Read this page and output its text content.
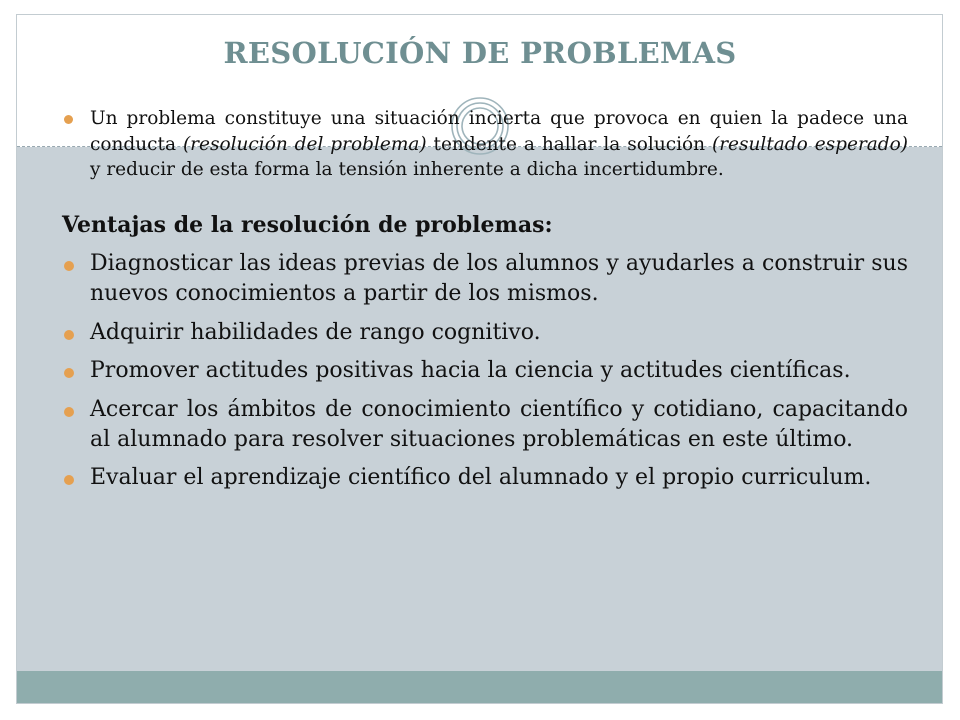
RESOLUCIÓN DE PROBLEMAS
Un problema constituye una situación incierta que provoca en quien la padece una conducta (resolución del problema) tendente a hallar la solución (resultado esperado) y reducir de esta forma la tensión inherente a dicha incertidumbre.
Ventajas de la resolución de problemas:
Diagnosticar las ideas previas de los alumnos y ayudarles a construir sus nuevos conocimientos a partir de los mismos.
Adquirir habilidades de rango cognitivo.
Promover actitudes positivas hacia la ciencia y actitudes científicas.
Acercar los ámbitos de conocimiento científico y cotidiano, capacitando al alumnado para resolver situaciones problemáticas en este último.
Evaluar el aprendizaje científico del alumnado y el propio curriculum.
